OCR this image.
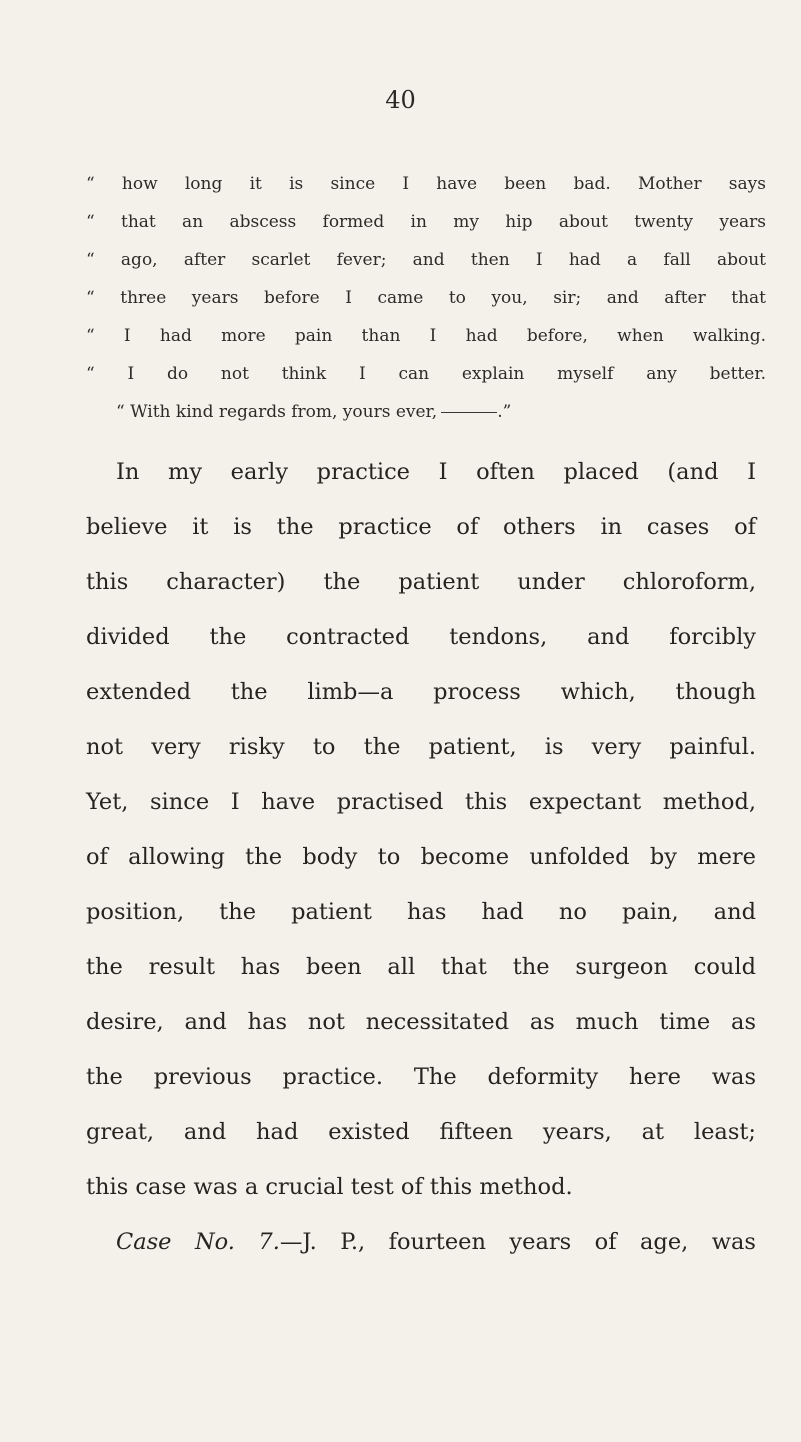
40
“ how long it is since I have been bad. Mother says
“ that an abscess formed in my hip about twenty years
“ ago, after scarlet fever; and then I had a fall about
“ three years before I came to you, sir; and after that
“ I had more pain than I had before, when walking.
“ I do not think I can explain myself any better.
“ With kind regards from, yours ever,	.”
In my early practice I often placed (and I
believe it is the practice of others in cases of
this character) the patient under chloroform,
divided the contracted tendons, and forcibly
extended the limb—a process which, though
not very risky to the patient, is very painful.
Yet, since I have practised this expectant method,
of allowing the body to become unfolded by mere
position, the patient has had no pain, and
the result has been all that the surgeon could
desire, and has not necessitated as much time as
the previous practice. The deformity here was
great, and had existed fifteen years, at least;
this case was a crucial test of this method.
Case No. 7.—J. P., fourteen years of age, was
